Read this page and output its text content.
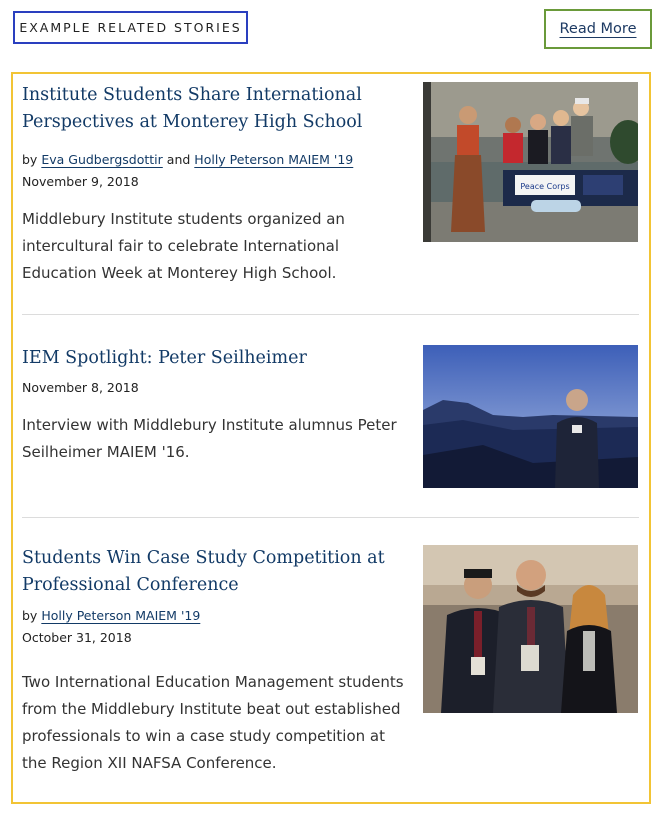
EXAMPLE RELATED STORIES	Read More
Institute Students Share International Perspectives at Monterey High School
by Eva Gudbergsdottir and Holly Peterson MAIEM '19
November 9, 2018

Middlebury Institute students organized an intercultural fair to celebrate International Education Week at Monterey High School.

Peace Corps
IEM Spotlight: Peter Seilheimer
November 8, 2018

Interview with Middlebury Institute alumnus Peter Seilheimer MAIEM '16.

Students Win Case Study Competition at Professional Conference
by Holly Peterson MAIEM '19
October 31, 2018

Two International Education Management students from the Middlebury Institute beat out established professionals to win a case study competition at the Region XII NAFSA Conference.
